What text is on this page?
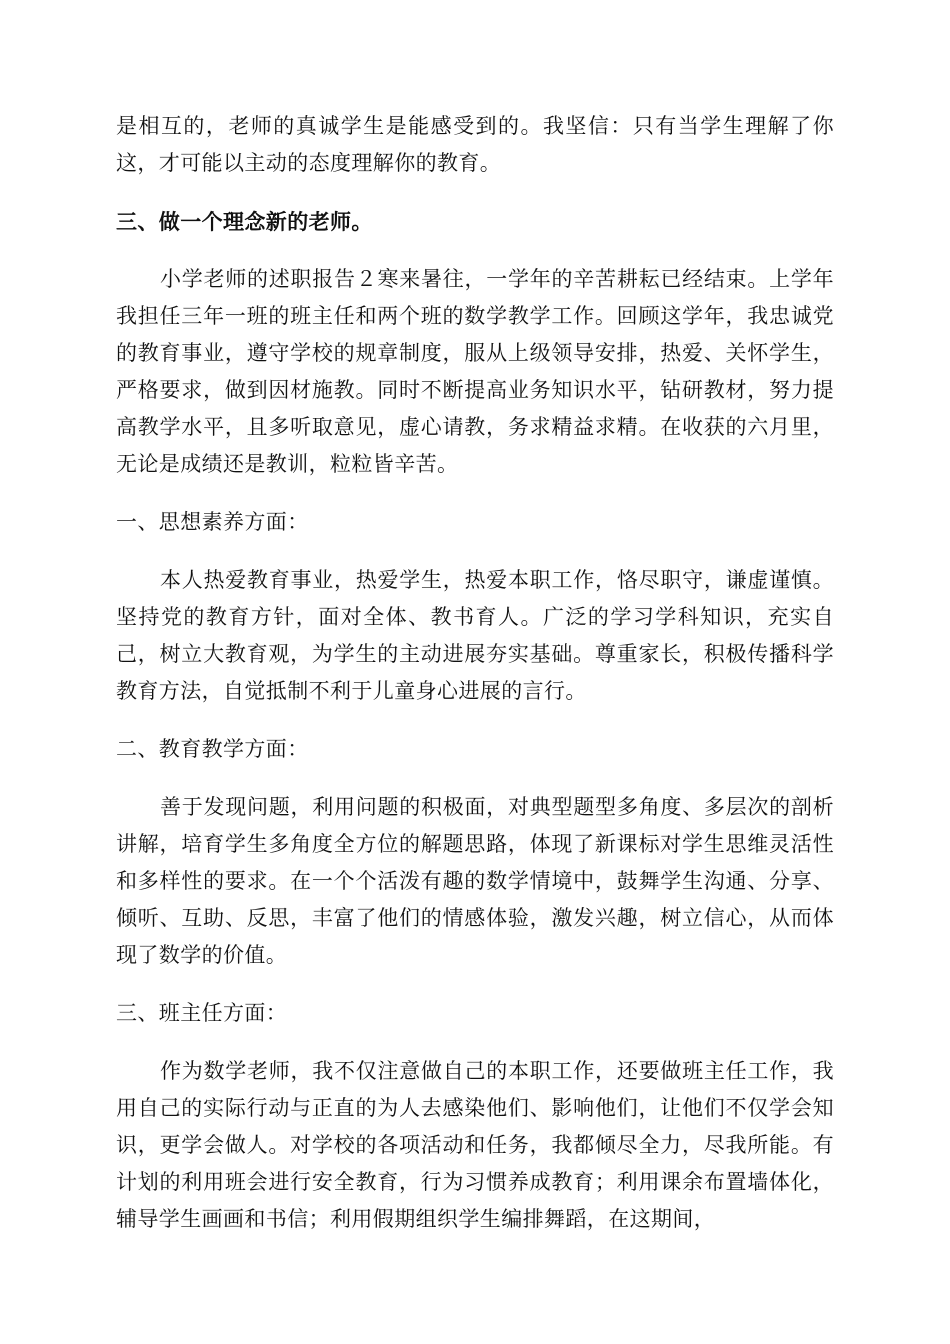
是相互的，老师的真诚学生是能感受到的。我坚信：只有当学生理解了你这，才可能以主动的态度理解你的教育。

三、做一个理念新的老师。

小学老师的述职报告２寒来暑往，一学年的辛苦耕耘已经结束。上学年我担任三年一班的班主任和两个班的数学教学工作。回顾这学年，我忠诚党的教育事业，遵守学校的规章制度，服从上级领导安排，热爱、关怀学生，严格要求，做到因材施教。同时不断提高业务知识水平，钻研教材，努力提高教学水平，且多听取意见，虚心请教，务求精益求精。在收获的六月里，无论是成绩还是教训，粒粒皆辛苦。

一、思想素养方面：

本人热爱教育事业，热爱学生，热爱本职工作，恪尽职守，谦虚谨慎。坚持党的教育方针，面对全体、教书育人。广泛的学习学科知识，充实自己，树立大教育观，为学生的主动进展夯实基础。尊重家长，积极传播科学教育方法，自觉抵制不利于儿童身心进展的言行。

二、教育教学方面：

善于发现问题，利用问题的积极面，对典型题型多角度、多层次的剖析讲解，培育学生多角度全方位的解题思路，体现了新课标对学生思维灵活性和多样性的要求。在一个个活泼有趣的数学情境中，鼓舞学生沟通、分享、倾听、互助、反思，丰富了他们的情感体验，激发兴趣，树立信心，从而体现了数学的价值。

三、班主任方面：

作为数学老师，我不仅注意做自己的本职工作，还要做班主任工作，我用自己的实际行动与正直的为人去感染他们、影响他们，让他们不仅学会知识，更学会做人。对学校的各项活动和任务，我都倾尽全力，尽我所能。有计划的利用班会进行安全教育，行为习惯养成教育；利用课余布置墙体化，辅导学生画画和书信；利用假期组织学生编排舞蹈，在这期间，
